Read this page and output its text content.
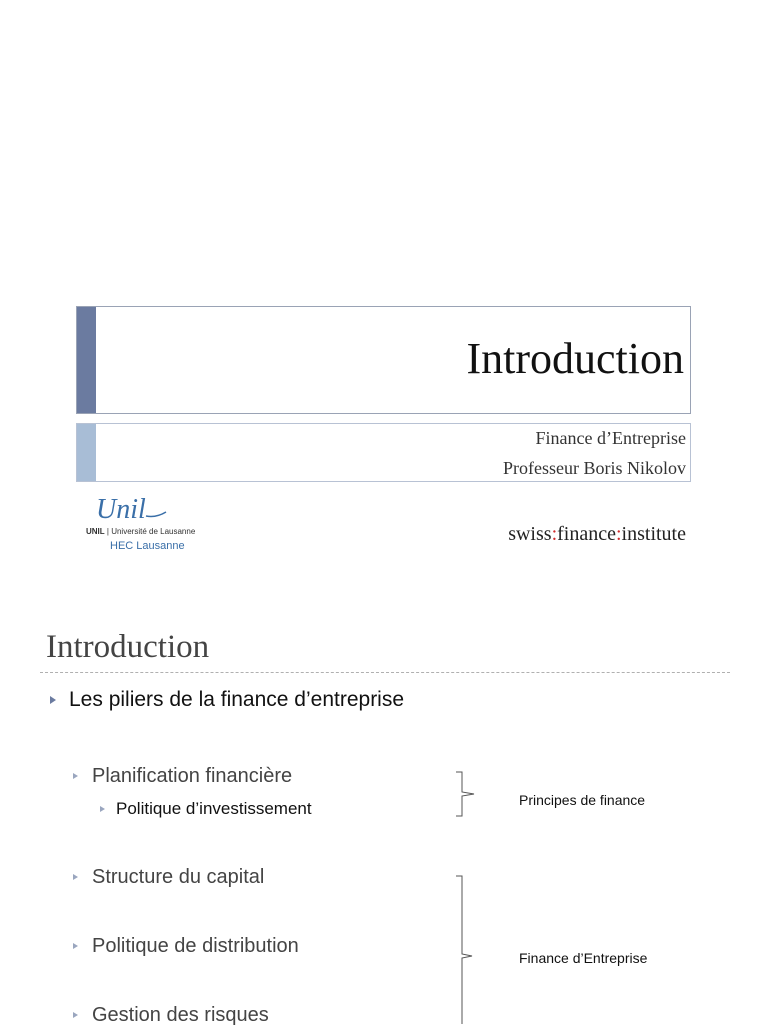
Introduction
Finance d’Entreprise
Professeur Boris Nikolov
Unil
UNIL | Université de Lausanne
HEC Lausanne
swiss:finance:institute
Introduction
Les piliers de la finance d’entreprise
Planification financière
Politique d’investissement	Principes de finance
Structure du capital
Politique de distribution
Gestion des risques
Finance d’Entreprise
